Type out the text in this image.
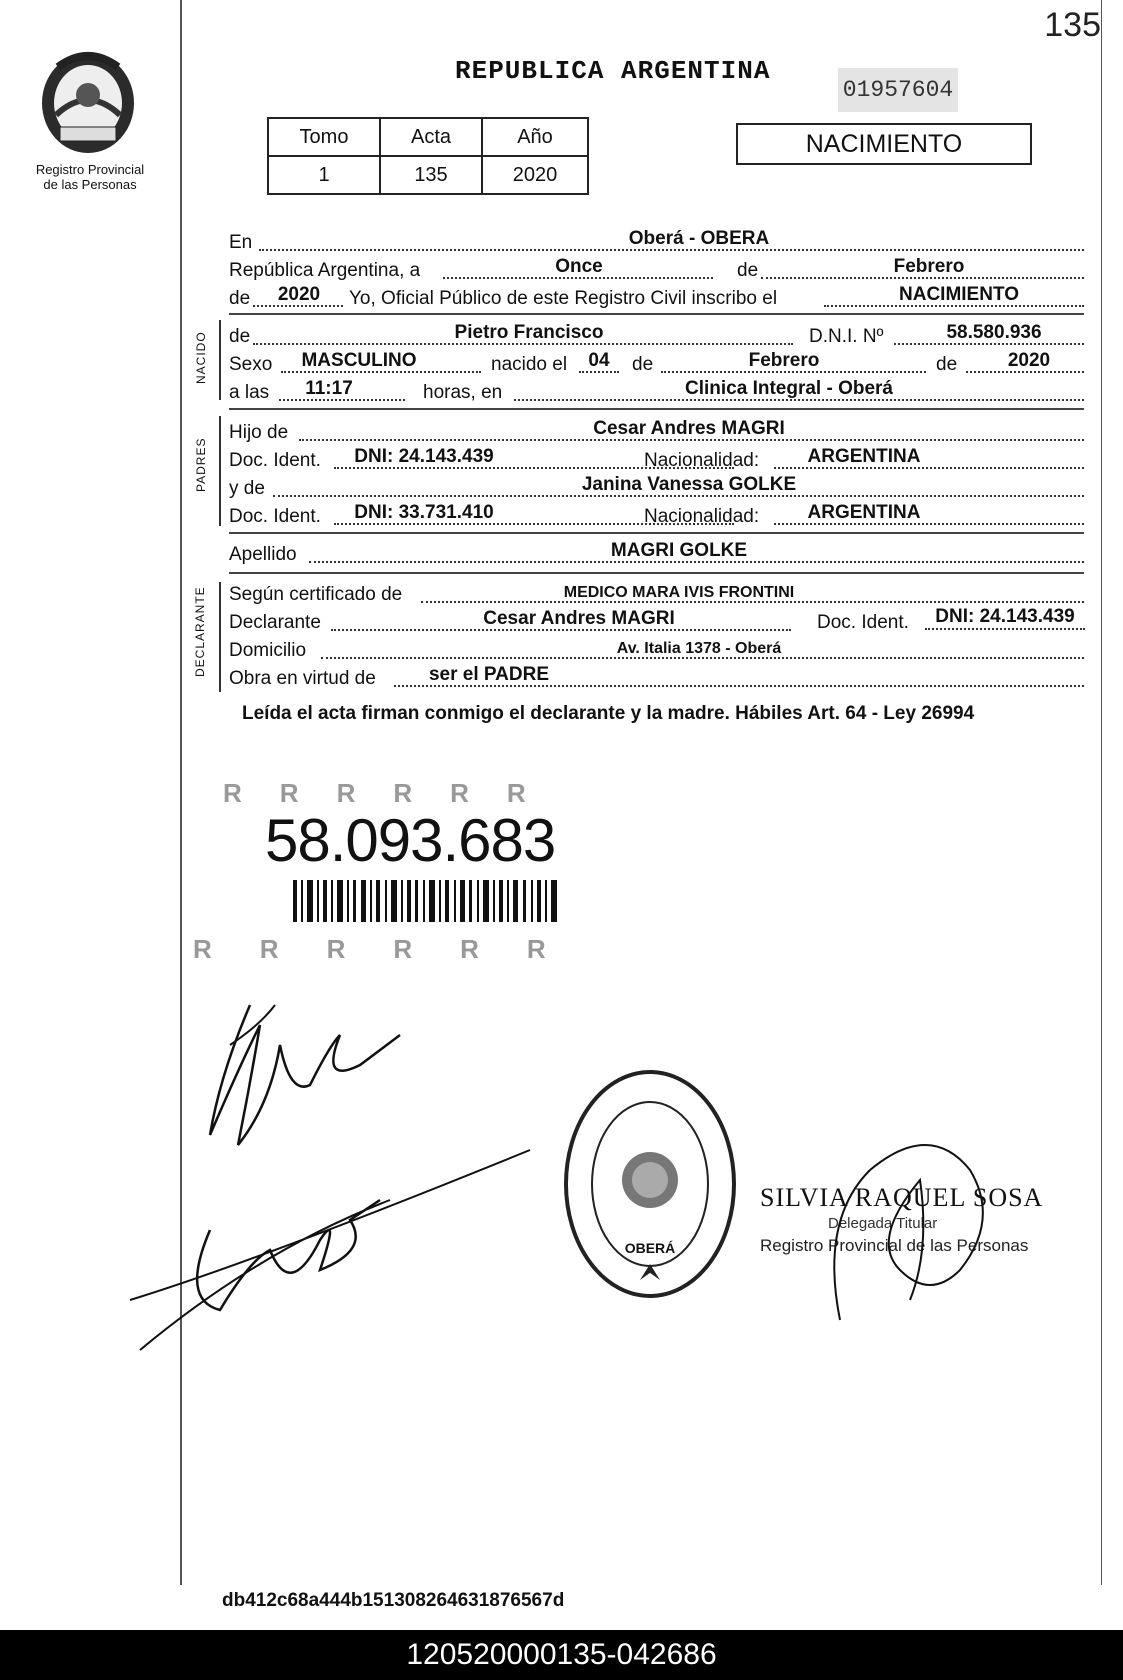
135
Registro Provincial
de las Personas
REPUBLICA ARGENTINA
01957604
Tomo	Acta	Año
1	135	2020
NACIMIENTO
En	Oberá - OBERA
República Argentina, a	Once	de	Febrero
de	2020	Yo, Oficial Público de este Registro Civil inscribo el	NACIMIENTO
NACIDO de	Pietro Francisco	D.N.I. Nº	58.580.936
Sexo	MASCULINO	nacido el	04	de	Febrero	de	2020
a las	11:17	horas, en	Clinica Integral - Oberá
PADRES
Hijo de	Cesar Andres MAGRI
Doc. Ident.	DNI: 24.143.439	Nacionalidad:	ARGENTINA
y de	Janina Vanessa GOLKE
Doc. Ident.	DNI: 33.731.410	Nacionalidad:	ARGENTINA
Apellido	MAGRI GOLKE
DECLARANTE Según certificado de	MEDICO MARA IVIS FRONTINI
Declarante	Cesar Andres MAGRI	Doc. Ident.	DNI: 24.143.439
Domicilio	Av. Italia 1378 - Oberá
Obra en virtud de	ser el PADRE
Leída el acta firman conmigo el declarante y la madre. Hábiles Art. 64 - Ley 26994
RRRRRR
58.093.683
RRRRRR
OBERÁ
SILVIA RAQUEL SOSA
Delegada Titular
Registro Provincial de las Personas
db412c68a444b151308264631876567d
120520000135-042686
